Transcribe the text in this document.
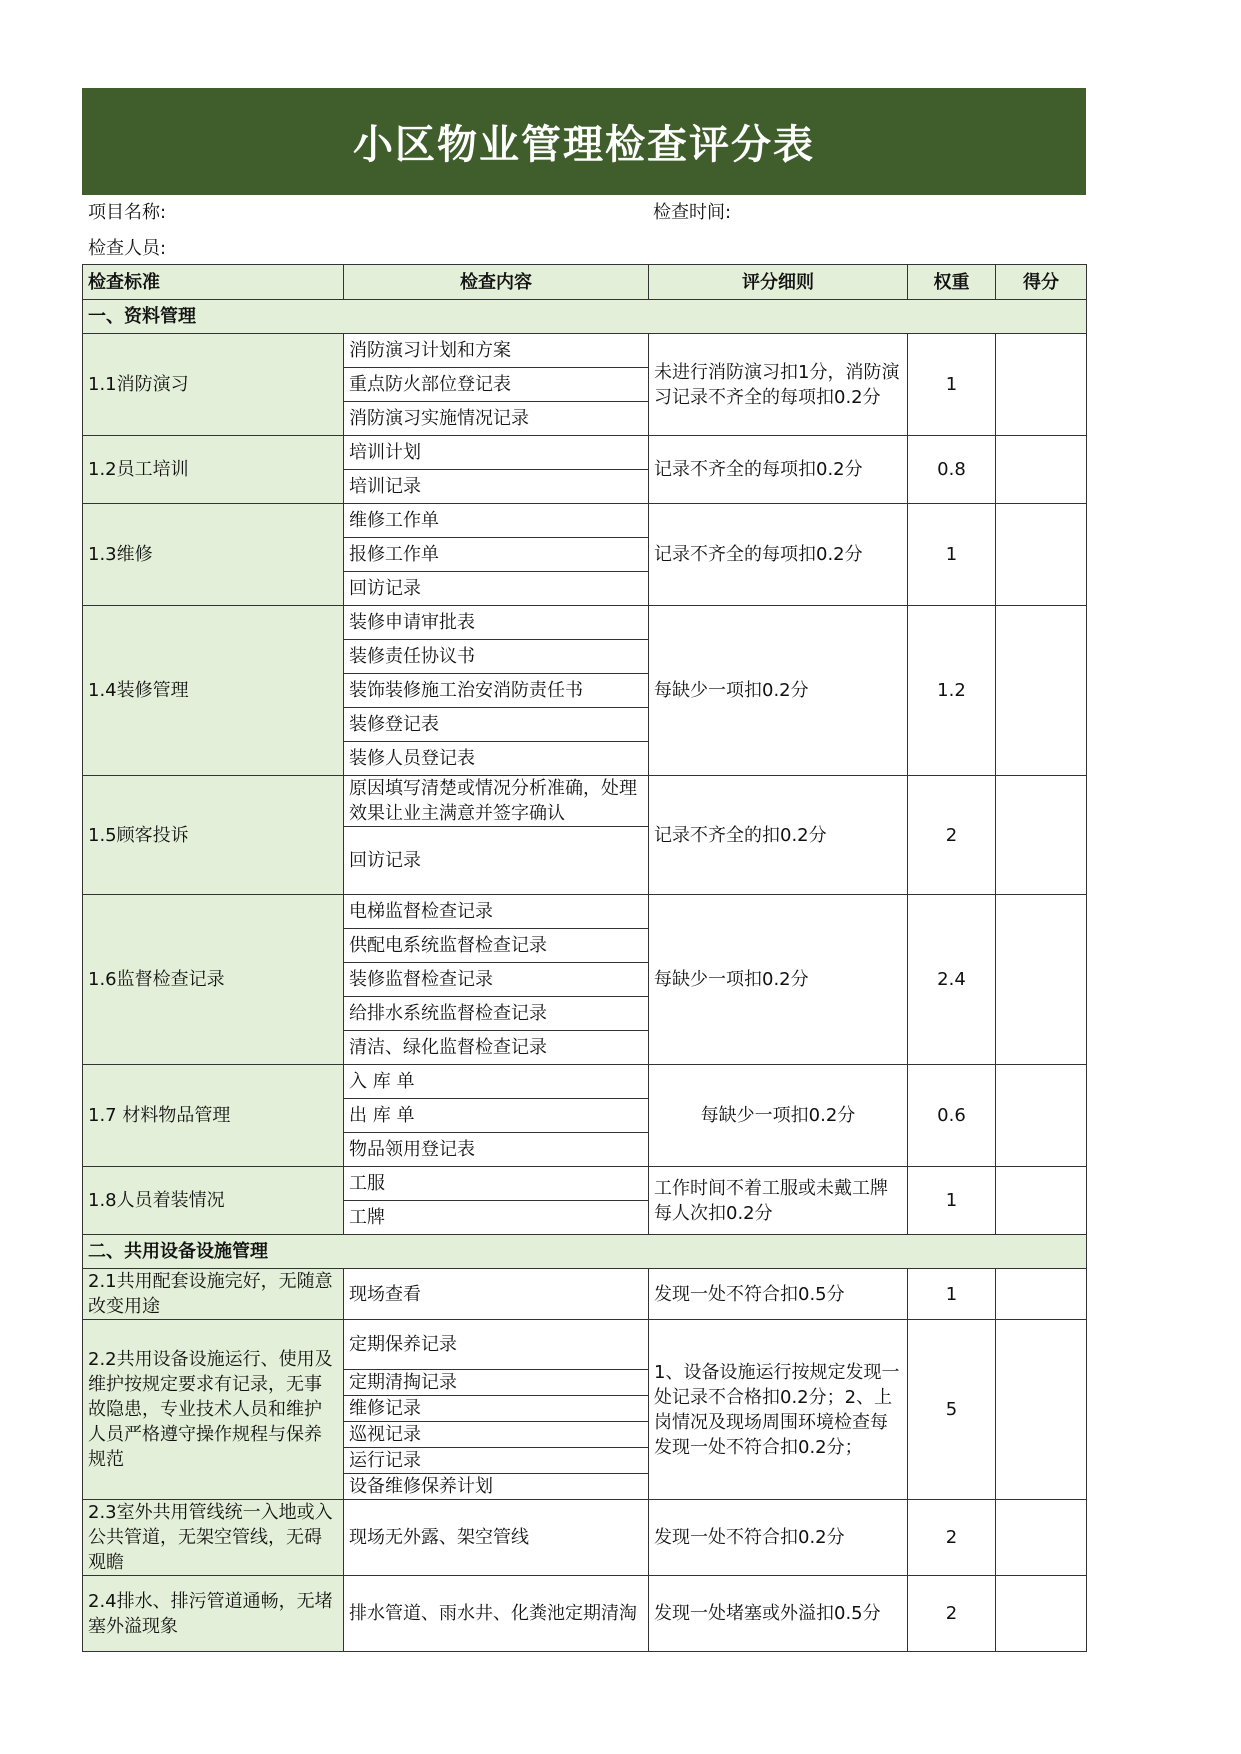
小区物业管理检查评分表
项目名称:	检查时间:
检查人员:
检查标准	检查内容	评分细则	权重	得分
一、资料管理				
1.1消防演习	消防演习计划和方案	未进行消防演习扣1分，消防演习记录不齐全的每项扣0.2分	1	
	重点防火部位登记表			
	消防演习实施情况记录			
1.2员工培训	培训计划	记录不齐全的每项扣0.2分	0.8	
	培训记录			
1.3维修	维修工作单	记录不齐全的每项扣0.2分	1	
	报修工作单			
	回访记录			
1.4装修管理	装修申请审批表	每缺少一项扣0.2分	1.2	
	装修责任协议书			
	装饰装修施工治安消防责任书			
	装修登记表			
	装修人员登记表			
1.5顾客投诉	原因填写清楚或情况分析准确，处理效果让业主满意并签字确认	记录不齐全的扣0.2分	2	
	回访记录			
1.6监督检查记录	电梯监督检查记录	每缺少一项扣0.2分	2.4	
	供配电系统监督检查记录			
	装修监督检查记录			
	给排水系统监督检查记录			
	清洁、绿化监督检查记录			
1.7 材料物品管理	入 库 单	每缺少一项扣0.2分	0.6	
	出 库 单			
	物品领用登记表			
1.8人员着装情况	工服	工作时间不着工服或未戴工牌每人次扣0.2分	1	
	工牌			
二、共用设备设施管理				
2.1共用配套设施完好，无随意改变用途	现场查看	发现一处不符合扣0.5分	1	
2.2共用设备设施运行、使用及维护按规定要求有记录，无事故隐患，专业技术人员和维护人员严格遵守操作规程与保养规范	定期保养记录	1、设备设施运行按规定发现一处记录不合格扣0.2分；2、上岗情况及现场周围环境检查每发现一处不符合扣0.2分；	5	
	定期清掏记录			
	维修记录			
	巡视记录			
	运行记录			
	设备维修保养计划			
2.3室外共用管线统一入地或入公共管道，无架空管线，无碍观瞻	现场无外露、架空管线	发现一处不符合扣0.2分	2	
2.4排水、排污管道通畅，无堵塞外溢现象	排水管道、雨水井、化粪池定期清淘	发现一处堵塞或外溢扣0.5分	2	
